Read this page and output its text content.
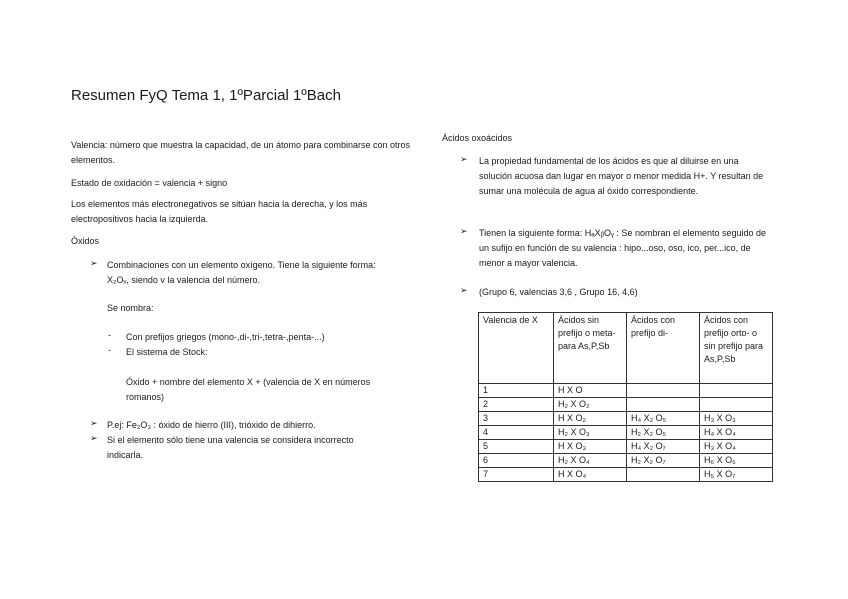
Resumen FyQ Tema 1, 1ºParcial 1ºBach
Valencia: número que muestra la capacidad, de un átomo para combinarse con otros elementos.
Estado de oxidación = valencia + signo
Los elementos más electronegativos se sitúan hacia la derecha, y los más electropositivos hacia la izquierda.
Óxidos
➢ Combinaciones con un elemento oxígeno. Tiene la siguiente forma: X₂Oᵥ, siendo v la valencia del número.
Se nombra:
- Con prefijos griegos (mono-,di-,tri-,tetra-,penta-...)
- El sistema de Stock:
Óxido + nombre del elemento X + (valencia de X en números romanos)
➢ P.ej: Fe₂O₃ : óxido de hierro (III), trióxido de dihierro.
➢ Si el elemento sólo tiene una valencia se considera incorrecto indicarla.
Ácidos oxoácidos
➢ La propiedad fundamental de los ácidos es que al diluirse en una solución acuosa dan lugar en mayor o menor medida H+. Y resultan de sumar una molécula de agua al óxido correspondiente.
➢ Tienen la siguiente forma: HₐXᵦOᵧ : Se nombran el elemento seguido de un sufijo en función de su valencia : hipo...oso, oso, ico, per...ico, de menor a mayor valencia.
➢ (Grupo 6, valencias 3,6 , Grupo 16, 4,6)
Valencia de X	Ácidos sin prefijo o meta- para As,P,Sb	Ácidos con prefijo di-	Ácidos con prefijo orto- o sin prefijo para As,P,Sb
1	H X O		
2	H₂ X O₂		
3	H X O₂	H₄ X₂ O₅	H₃ X O₃
4	H₂ X O₃	H₂ X₂ O₅	H₄ X O₄
5	H X O₃	H₄ X₂ O₇	H₃ X O₄
6	H₂ X O₄	H₂ X₂ O₇	H₆ X O₆
7	H X O₄		H₅ X O₇
